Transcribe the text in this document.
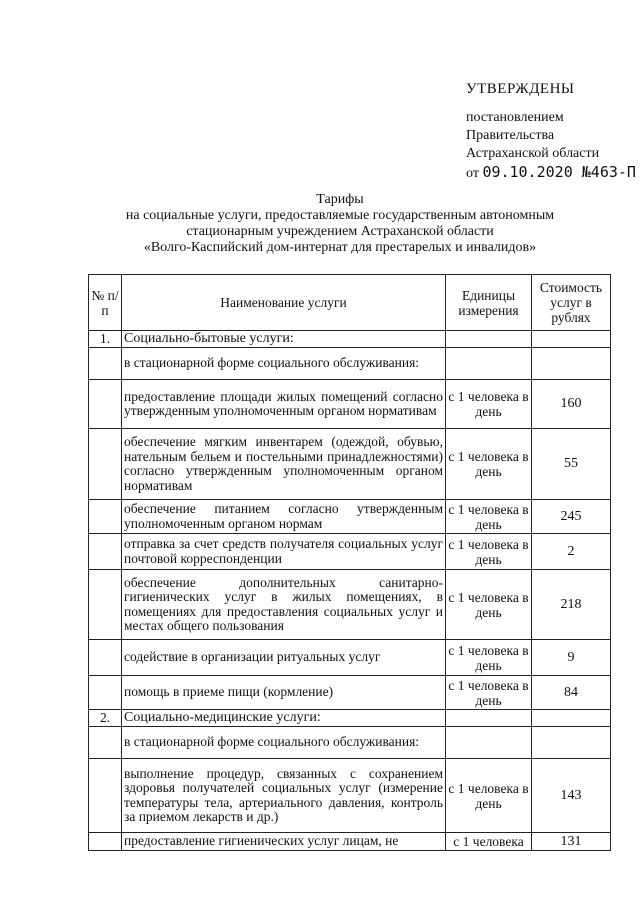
УТВЕРЖДЕНЫ
постановлением
Правительства
Астраханской области
от 09.10.2020 №463-П
Тарифы
на социальные услуги, предоставляемые государственным автономным
стационарным учреждением Астраханской области
«Волго-Каспийский дом-интернат для престарелых и инвалидов»
№ п/п	Наименование услуги	Единицы измерения	Стоимость услуг в рублях
1.	Социально-бытовые услуги:		
	в стационарной форме социального обслуживания:		
	предоставление площади жилых помещений согласно утвержденным уполномоченным органом нормативам	с 1 человека в день	160
	обеспечение мягким инвентарем (одеждой, обувью, нательным бельем и постельными принадлежностями) согласно утвержденным уполномоченным органом нормативам	с 1 человека в день	55
	обеспечение питанием согласно утвержденным уполномоченным органом нормам	с 1 человека в день	245
	отправка за счет средств получателя социальных услуг почтовой корреспонденции	с 1 человека в день	2
	обеспечение дополнительных санитарно-гигиенических услуг в жилых помещениях, в помещениях для предоставления социальных услуг и местах общего пользования	с 1 человека в день	218
	содействие в организации ритуальных услуг	с 1 человека в день	9
	помощь в приеме пищи (кормление)	с 1 человека в день	84
2.	Социально-медицинские услуги:		
	в стационарной форме социального обслуживания:		
	выполнение процедур, связанных с сохранением здоровья получателей социальных услуг (измерение температуры тела, артериального давления, контроль за приемом лекарств и др.)	с 1 человека в день	143
	предоставление гигиенических услуг лицам, не	с 1 человека	131
